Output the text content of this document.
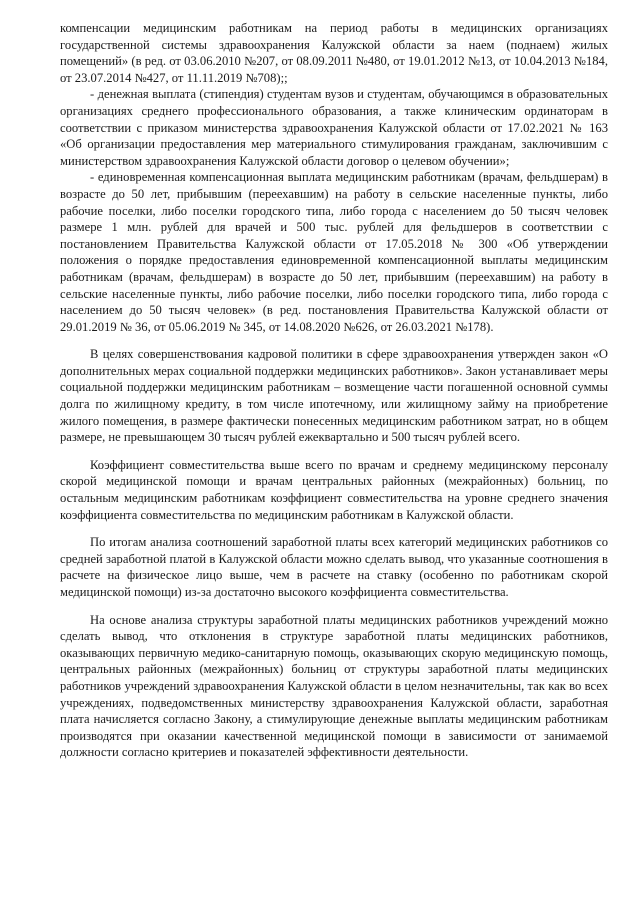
компенсации медицинским работникам на период работы в медицинских организациях государственной системы здравоохранения Калужской области за наем (поднаем) жилых помещений» (в ред. от 03.06.2010 №207, от 08.09.2011 №480, от 19.01.2012 №13, от 10.04.2013 №184, от 23.07.2014 №427, от 11.11.2019 №708);;

- денежная выплата (стипендия) студентам вузов и студентам, обучающимся в образовательных организациях среднего профессионального образования, а также клиническим ординаторам в соответствии с приказом министерства здравоохранения Калужской области от 17.02.2021 № 163 «Об организации предоставления мер материального стимулирования гражданам, заключившим с министерством здравоохранения Калужской области договор о целевом обучении»;

- единовременная компенсационная выплата медицинским работникам (врачам, фельдшерам) в возрасте до 50 лет, прибывшим (переехавшим) на работу в сельские населенные пункты, либо рабочие поселки, либо поселки городского типа, либо города с населением до 50 тысяч человек размере 1 млн. рублей для врачей и 500 тыс. рублей для фельдшеров в соответствии с постановлением Правительства Калужской области от 17.05.2018 № 300 «Об утверждении положения о порядке предоставления единовременной компенсационной выплаты медицинским работникам (врачам, фельдшерам) в возрасте до 50 лет, прибывшим (переехавшим) на работу в сельские населенные пункты, либо рабочие поселки, либо поселки городского типа, либо города с населением до 50 тысяч человек» (в ред. постановления Правительства Калужской области от 29.01.2019 № 36, от 05.06.2019 № 345, от 14.08.2020 №626, от 26.03.2021 №178).

В целях совершенствования кадровой политики в сфере здравоохранения утвержден закон «О дополнительных мерах социальной поддержки медицинских работников». Закон устанавливает меры социальной поддержки медицинским работникам – возмещение части погашенной основной суммы долга по жилищному кредиту, в том числе ипотечному, или жилищному займу на приобретение жилого помещения, в размере фактически понесенных медицинским работником затрат, но в общем размере, не превышающем 30 тысяч рублей ежеквартально и 500 тысяч рублей всего.

Коэффициент совместительства выше всего по врачам и среднему медицинскому персоналу скорой медицинской помощи и врачам центральных районных (межрайонных) больниц, по остальным медицинским работникам коэффициент совместительства на уровне среднего значения коэффициента совместительства по медицинским работникам в Калужской области.

По итогам анализа соотношений заработной платы всех категорий медицинских работников со средней заработной платой в Калужской области можно сделать вывод, что указанные соотношения в расчете на физическое лицо выше, чем в расчете на ставку (особенно по работникам скорой медицинской помощи) из-за достаточно высокого коэффициента совместительства.

На основе анализа структуры заработной платы медицинских работников учреждений можно сделать вывод, что отклонения в структуре заработной платы медицинских работников, оказывающих первичную медико-санитарную помощь, оказывающих скорую медицинскую помощь, центральных районных (межрайонных) больниц от структуры заработной платы медицинских работников учреждений здравоохранения Калужской области в целом незначительны, так как во всех учреждениях, подведомственных министерству здравоохранения Калужской области, заработная плата начисляется согласно Закону, а стимулирующие денежные выплаты медицинским работникам производятся при оказании качественной медицинской помощи в зависимости от занимаемой должности согласно критериев и показателей эффективности деятельности.
